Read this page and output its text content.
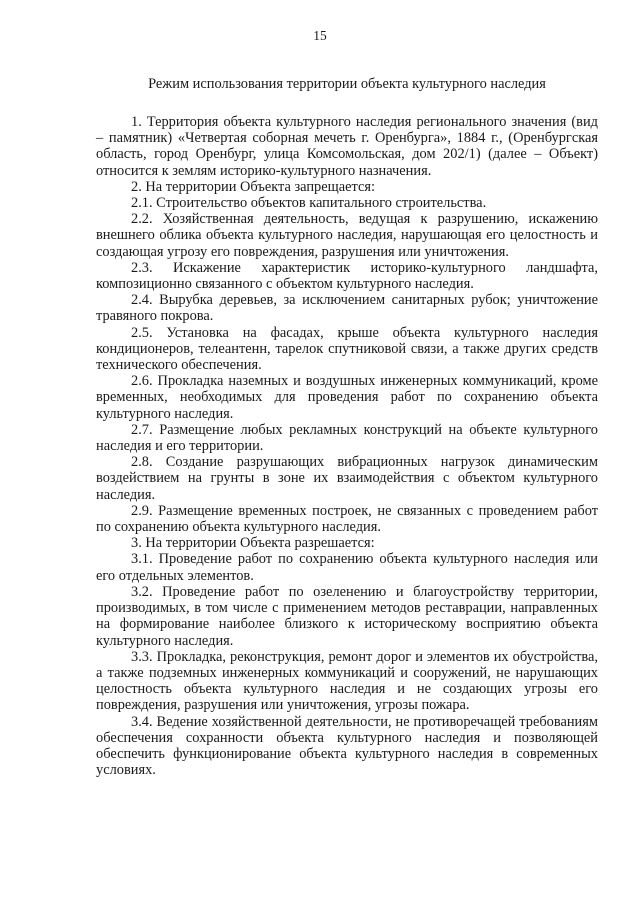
15
Режим использования территории объекта культурного наследия

1. Территория объекта культурного наследия регионального значения (вид – памятник) «Четвертая соборная мечеть г. Оренбурга», 1884 г., (Оренбургская область, город Оренбург, улица Комсомольская, дом 202/1) (далее – Объект) относится к землям историко-культурного назначения.

2. На территории Объекта запрещается:

2.1. Строительство объектов капитального строительства.

2.2. Хозяйственная деятельность, ведущая к разрушению, искажению внешнего облика объекта культурного наследия, нарушающая его целостность и создающая угрозу его повреждения, разрушения или уничтожения.

2.3. Искажение характеристик историко-культурного ландшафта, композиционно связанного с объектом культурного наследия.

2.4. Вырубка деревьев, за исключением санитарных рубок; уничтожение травяного покрова.

2.5. Установка на фасадах, крыше объекта культурного наследия кондиционеров, телеантенн, тарелок спутниковой связи, а также других средств технического обеспечения.

2.6. Прокладка наземных и воздушных инженерных коммуникаций, кроме временных, необходимых для проведения работ по сохранению объекта культурного наследия.

2.7. Размещение любых рекламных конструкций на объекте культурного наследия и его территории.

2.8. Создание разрушающих вибрационных нагрузок динамическим воздействием на грунты в зоне их взаимодействия с объектом культурного наследия.

2.9. Размещение временных построек, не связанных с проведением работ по сохранению объекта культурного наследия.

3. На территории Объекта разрешается:

3.1. Проведение работ по сохранению объекта культурного наследия или его отдельных элементов.

3.2. Проведение работ по озеленению и благоустройству территории, производимых, в том числе с применением методов реставрации, направленных на формирование наиболее близкого к историческому восприятию объекта культурного наследия.

3.3. Прокладка, реконструкция, ремонт дорог и элементов их обустройства, а также подземных инженерных коммуникаций и сооружений, не нарушающих целостность объекта культурного наследия и не создающих угрозы его повреждения, разрушения или уничтожения, угрозы пожара.

3.4. Ведение хозяйственной деятельности, не противоречащей требованиям обеспечения сохранности объекта культурного наследия и позволяющей обеспечить функционирование объекта культурного наследия в современных условиях.
